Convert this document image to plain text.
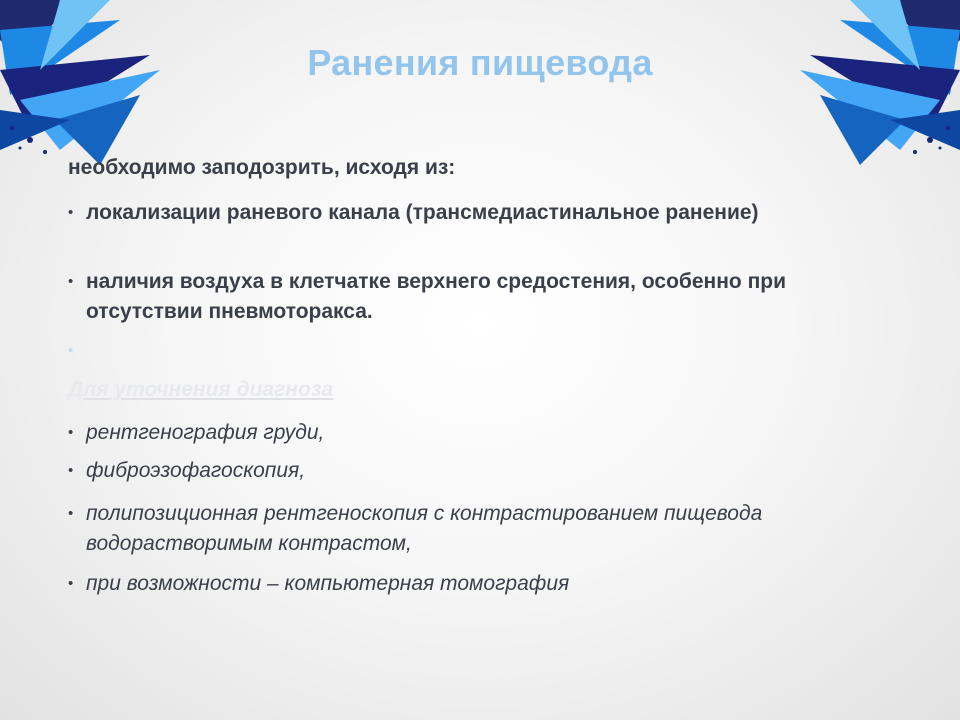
Ранения пищевода
необходимо заподозрить, исходя из:
• локализации раневого канала (трансмедиастинальное ранение)
• наличия воздуха в клетчатке верхнего средостения, особенно при отсутствии пневмоторакса.
•
Для уточнения диагноза
• рентгенография груди,
• фиброэзофагоскопия,
• полипозиционная рентгеноскопия с контрастированием пищевода водорастворимым контрастом,
• при возможности – компьютерная томография
